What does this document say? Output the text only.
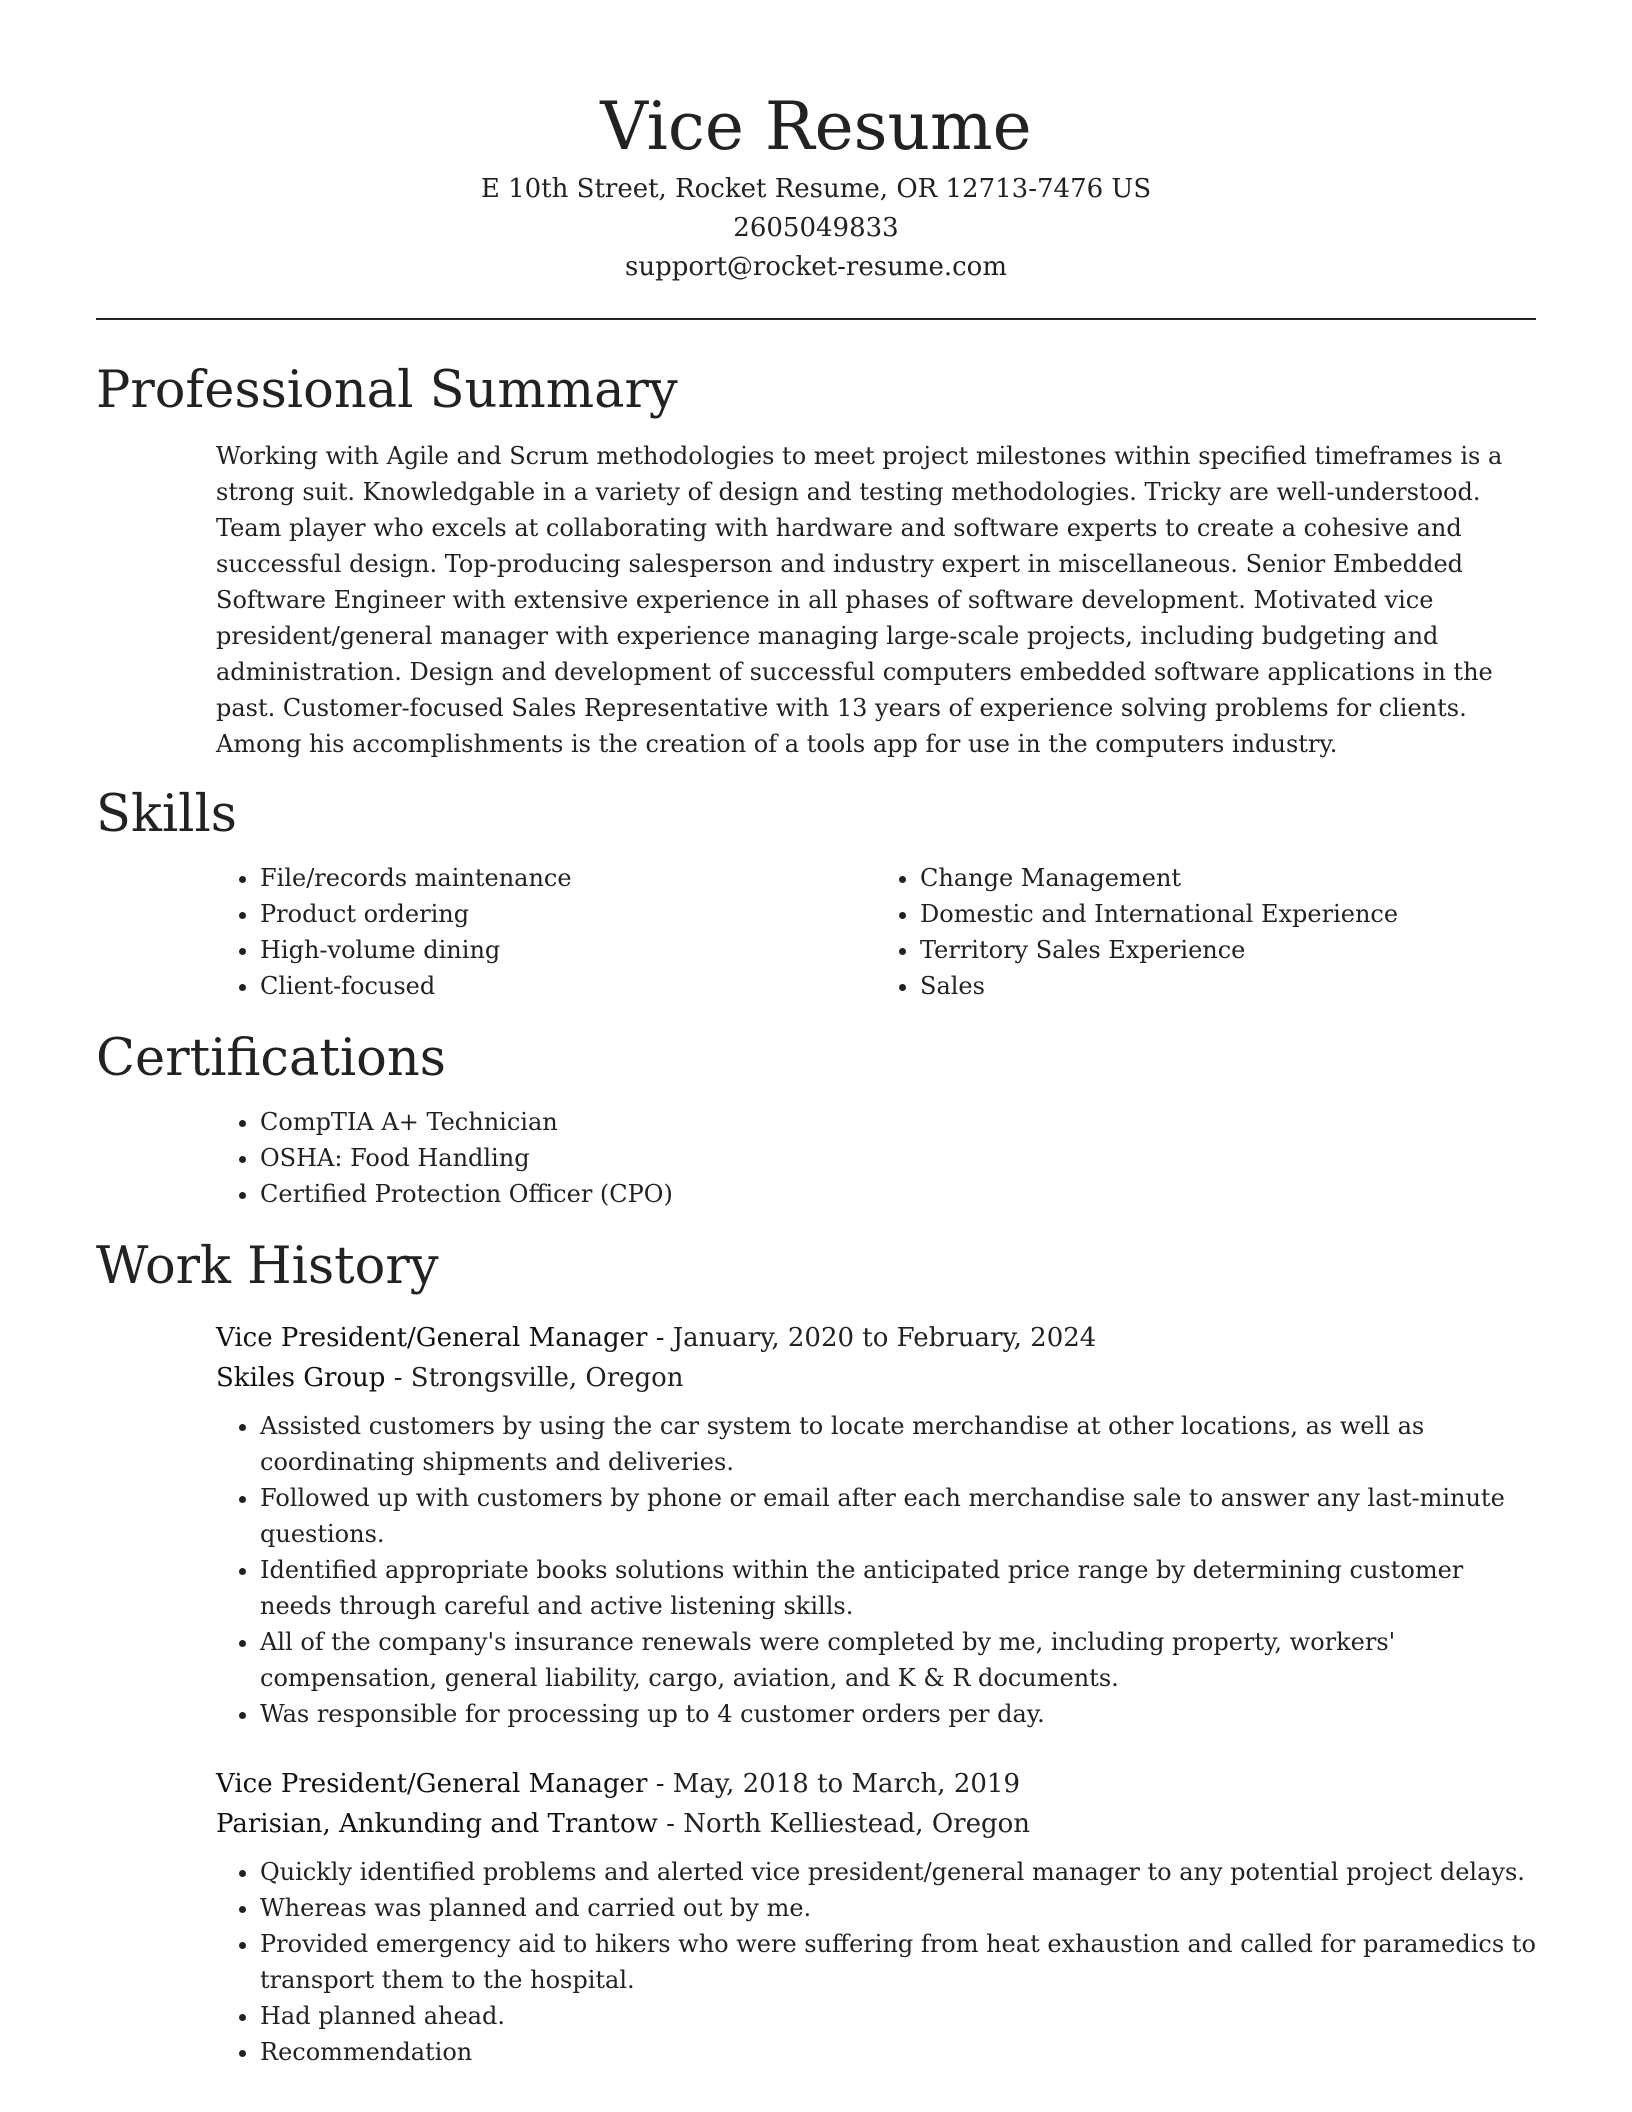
Vice Resume

E 10th Street, Rocket Resume, OR 12713-7476 US

2605049833

support@rocket-resume.com

Professional Summary

Working with Agile and Scrum methodologies to meet project milestones within specified timeframes is a strong suit. Knowledgable in a variety of design and testing methodologies. Tricky are well-understood. Team player who excels at collaborating with hardware and software experts to create a cohesive and successful design. Top-producing salesperson and industry expert in miscellaneous. Senior Embedded Software Engineer with extensive experience in all phases of software development. Motivated vice president/general manager with experience managing large-scale projects, including budgeting and administration. Design and development of successful computers embedded software applications in the past. Customer-focused Sales Representative with 13 years of experience solving problems for clients. Among his accomplishments is the creation of a tools app for use in the computers industry.

Skills
• File/records maintenance
• Product ordering
• High-volume dining
• Client-focused
• Change Management
• Domestic and International Experience
• Territory Sales Experience
• Sales
Certifications
• CompTIA A+ Technician
• OSHA: Food Handling
• Certified Protection Officer (CPO)
Work History

Vice President/General Manager - January, 2020 to February, 2024

Skiles Group - Strongsville, Oregon

• Assisted customers by using the car system to locate merchandise at other locations, as well as coordinating shipments and deliveries.
• Followed up with customers by phone or email after each merchandise sale to answer any last-minute questions.
• Identified appropriate books solutions within the anticipated price range by determining customer needs through careful and active listening skills.
• All of the company's insurance renewals were completed by me, including property, workers' compensation, general liability, cargo, aviation, and K & R documents.
• Was responsible for processing up to 4 customer orders per day.

Vice President/General Manager - May, 2018 to March, 2019

Parisian, Ankunding and Trantow - North Kelliestead, Oregon

• Quickly identified problems and alerted vice president/general manager to any potential project delays.
• Whereas was planned and carried out by me.
• Provided emergency aid to hikers who were suffering from heat exhaustion and called for paramedics to transport them to the hospital.
• Had planned ahead.
• Recommendation
